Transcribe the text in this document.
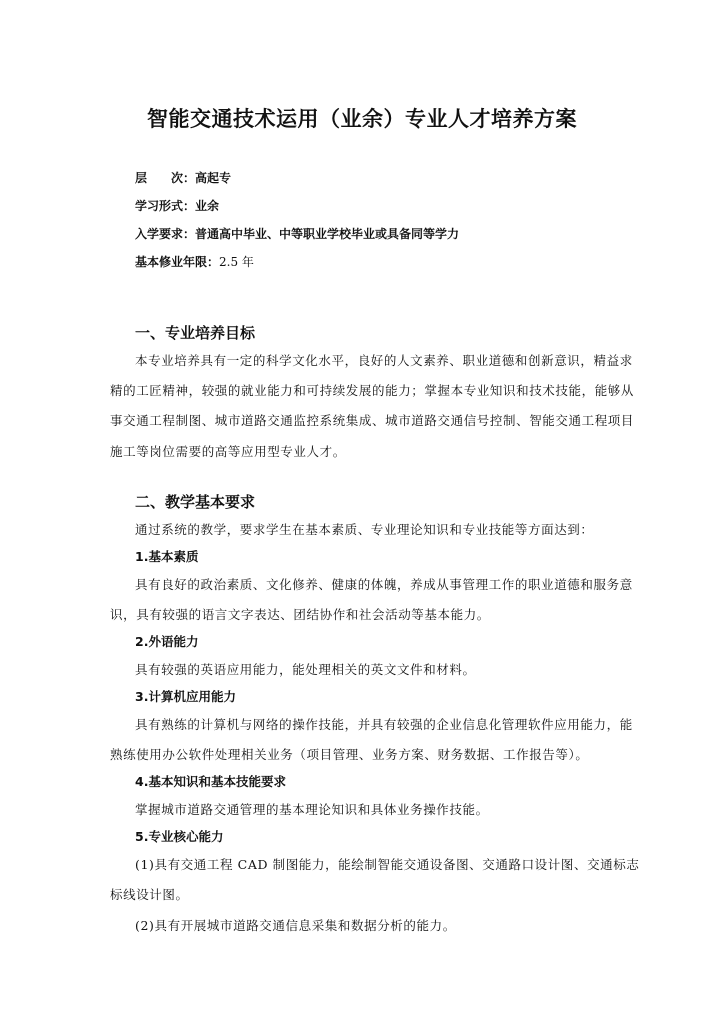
智能交通技术运用（业余）专业人才培养方案
层　　次：高起专
学习形式：业余
入学要求：普通高中毕业、中等职业学校毕业或具备同等学力
基本修业年限：2.5 年
一、专业培养目标
本专业培养具有一定的科学文化水平，良好的人文素养、职业道德和创新意识，精益求
精的工匠精神，较强的就业能力和可持续发展的能力；掌握本专业知识和技术技能，能够从
事交通工程制图、城市道路交通监控系统集成、城市道路交通信号控制、智能交通工程项目
施工等岗位需要的高等应用型专业人才。
二、教学基本要求
通过系统的教学，要求学生在基本素质、专业理论知识和专业技能等方面达到：
1.基本素质
具有良好的政治素质、文化修养、健康的体魄，养成从事管理工作的职业道德和服务意
识，具有较强的语言文字表达、团结协作和社会活动等基本能力。
2.外语能力
具有较强的英语应用能力，能处理相关的英文文件和材料。
3.计算机应用能力
具有熟练的计算机与网络的操作技能，并具有较强的企业信息化管理软件应用能力，能
熟练使用办公软件处理相关业务（项目管理、业务方案、财务数据、工作报告等）。
4.基本知识和基本技能要求
掌握城市道路交通管理的基本理论知识和具体业务操作技能。
5.专业核心能力
(1)具有交通工程 CAD 制图能力，能绘制智能交通设备图、交通路口设计图、交通标志
标线设计图。
(2)具有开展城市道路交通信息采集和数据分析的能力。
